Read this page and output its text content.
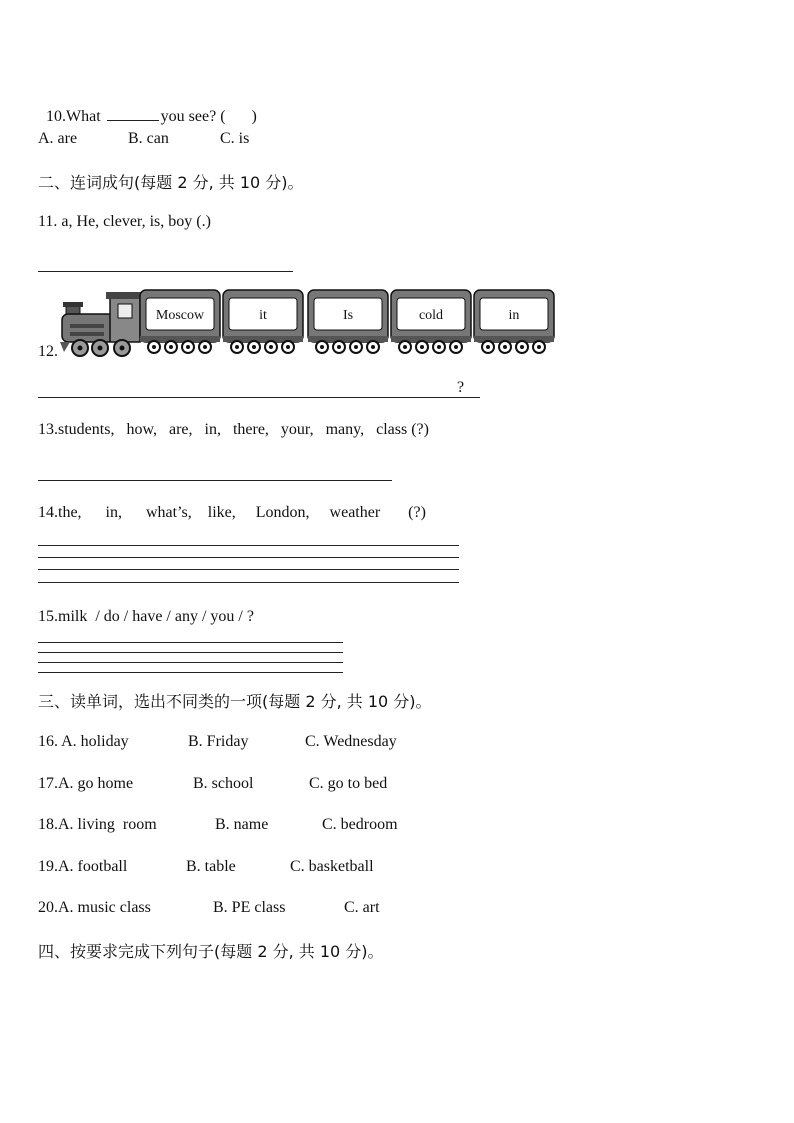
10.What	you see? ( )

A. are	B. can	C. is
二、连词成句(每题 2 分, 共 10 分)。
11. a, He, clever, is, boy (.)
12.
Moscow	it	Is	cold	in
?
13.students,   how,   are,   in,   there,   your,   many,   class (?)
14.the,      in,      what’s,    like,     London,     weather       (?)
15.milk  / do / have / any / you / ?
三、读单词，选出不同类的一项(每题 2 分, 共 10 分)。
16. A. holiday	B. Friday	C. Wednesday
17.A. go home	B. school	C. go to bed
18.A. living  room	B. name	C. bedroom
19.A. football	B. table	C. basketball
20.A. music class	B. PE class	C. art
四、按要求完成下列句子(每题 2 分, 共 10 分)。
